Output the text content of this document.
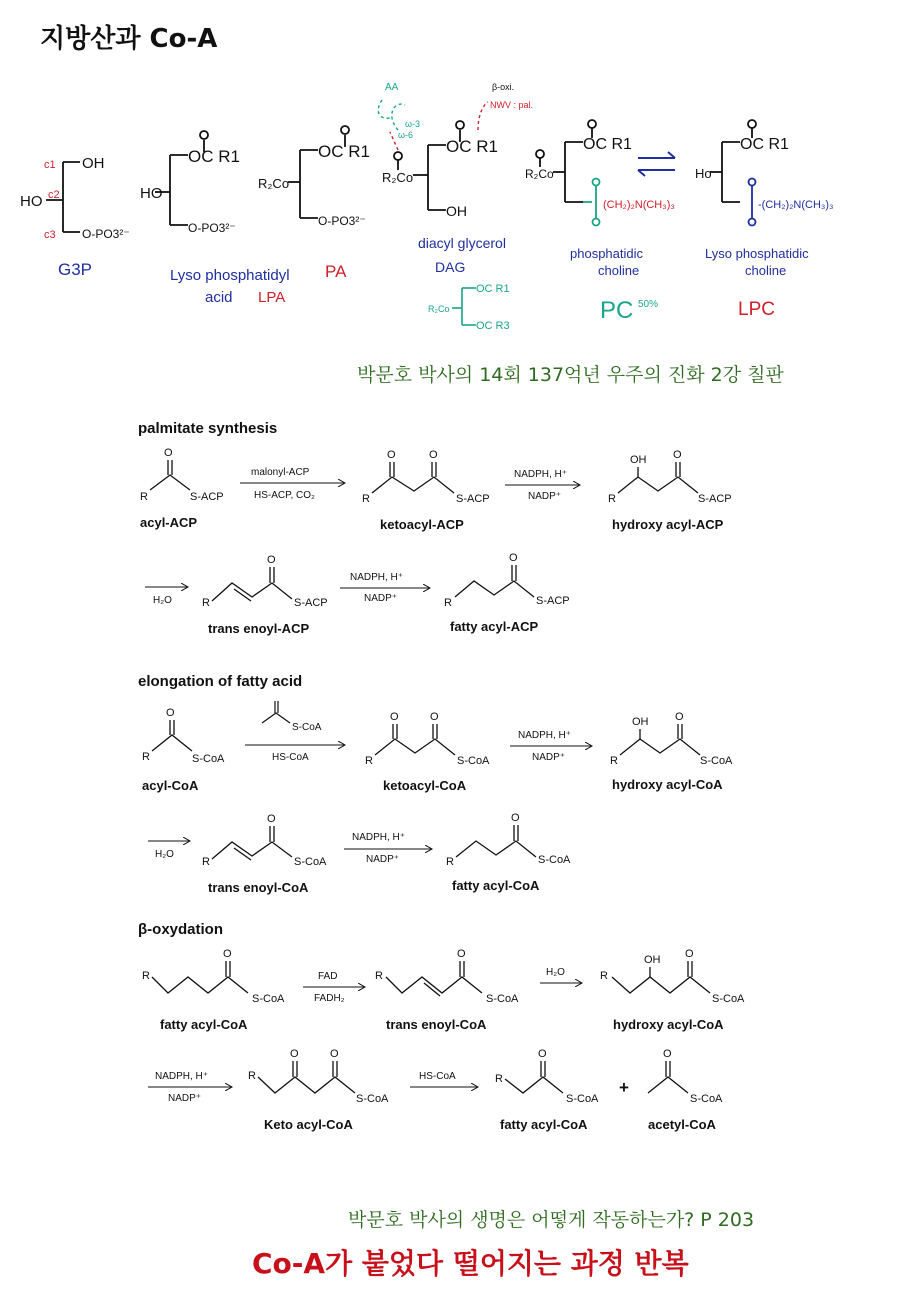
지방산과 Co-A
c1
c2
c3
OH
HO
O-PO3²⁻
G3P
HO
OC R1
O-PO3²⁻
Lyso phosphatidyl
acid LPA
R₂Co
OC R1
O-PO3²⁻
PA
AA
ω-3
ω-6
β-oxi.
NWV : pal.
R₂Co
OC R1
OH
diacyl glycerol
DAG
R₂Co
OC R1
OC R3
R₂Co
OC R1
(CH₂)₂N(CH₃)₃
phosphatidic
choline
PC 50%
Ho
OC R1
-(CH₂)₂N(CH₃)₃
Lyso phosphatidic
choline
LPC
박문호 박사의 14회 137억년 우주의 진화 2강 칠판
palmitate synthesis
R
O
S-ACP
acyl-ACP
malonyl-ACP
HS-ACP, CO₂	R
O	O
S-ACP
ketoacyl-ACP
NADPH, H⁺
NADP⁺	R
OH O
S-ACP
hydroxy acyl-ACP
H₂O	R
O
S-ACP
trans enoyl-ACP
NADPH, H⁺
NADP⁺	R
O
S-ACP
fatty acyl-ACP
elongation of fatty acid
R
O
S-CoA
acyl-CoA
S-CoA
HS-CoA	R
O	O
S-CoA
ketoacyl-CoA
NADPH, H⁺
NADP⁺	R
OH O
S-CoA
hydroxy acyl-CoA
H₂O
R
O
S-CoA
trans enoyl-CoA
NADPH, H⁺
NADP⁺	R
O
S-CoA
fatty acyl-CoA
β-oxydation
R
O
S-CoA
fatty acyl-CoA
FAD
FADH₂
R
O
S-CoA
trans enoyl-CoA
H₂O	R
OH O
S-CoA
hydroxy acyl-CoA
NADPH, H⁺
NADP⁺
R
O	O
S-CoA
Keto acyl-CoA
HS-CoA	R
O
S-CoA
fatty acyl-CoA
+
O
S-CoA
acetyl-CoA
박문호 박사의 생명은 어떻게 작동하는가? P 203
Co-A가 붙었다 떨어지는 과정 반복
